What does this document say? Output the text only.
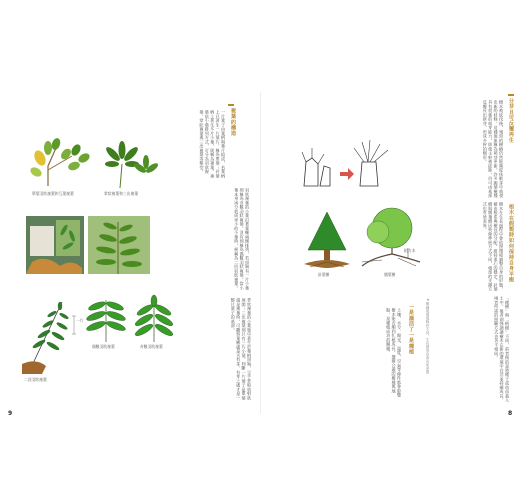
單葉羽狀複葉和互葉複葉	掌狀複葉和三出複葉
一片
二回羽狀複葉
偶數羽狀複葉	奇數羽狀複葉
複葉的構造
一片葉子由葉柄與葉片組成，若葉柄上只著生一片葉片，稱為單葉；若葉柄上著生多片小葉，則稱為複葉。複葉依小葉排列方式，可分為羽狀複葉、掌狀複葉與三出複葉等類型。
羽狀複葉的小葉沿著葉軸兩側排列，若頂端有一片小葉則稱為奇數羽狀複葉，沒有則稱為偶數羽狀複葉。當小葉本身再分裂成更小的小葉時，便稱為二回羽狀複葉。
掌狀複葉的小葉集中著生於葉柄頂端，呈手掌般放射狀展開；三出複葉則只有三片小葉。判斷一片葉子是單葉還是複葉時，可觀察葉腋處是否有芽，有芽之處才是一整片葉子的基部。
9
針葉樹
根力木
闊葉樹
分芽且可反覆再生
根木在假製時如何保持自身平衡
一是濕活了一是種植
樹木被砍伐後，殘留的樹樁仍然能夠從休眠芽中萌發出新的枝條，這種現象稱為萌芽更新。許多闊葉樹種具有很強的萌芽能力，即使主幹被砍除，仍可由基部反覆長出新芽，形成多幹的樹形。
樹木在生長過程中會依照環境調整自身的形態，藉由根系與樹冠的分配，維持重心的穩定。針葉樹與闊葉樹因枝條伸展方式不同，根部的支撐方式也有所差異。
「種樹」與「植樹」不同，前者指的是將種子或幼苗栽入土中，後者則強調讓樹木在新的環境中存活並持續成長，兩者所需的照顧方式也各不相同。
土壤、水分、陽光、溫度、空氣等條件都會影響樹木能否順利扎根成長，選擇合適的樹種與地點，是種植成功的關鍵。	※樹種與環境條件不同，生長情形也會有所差異
8
